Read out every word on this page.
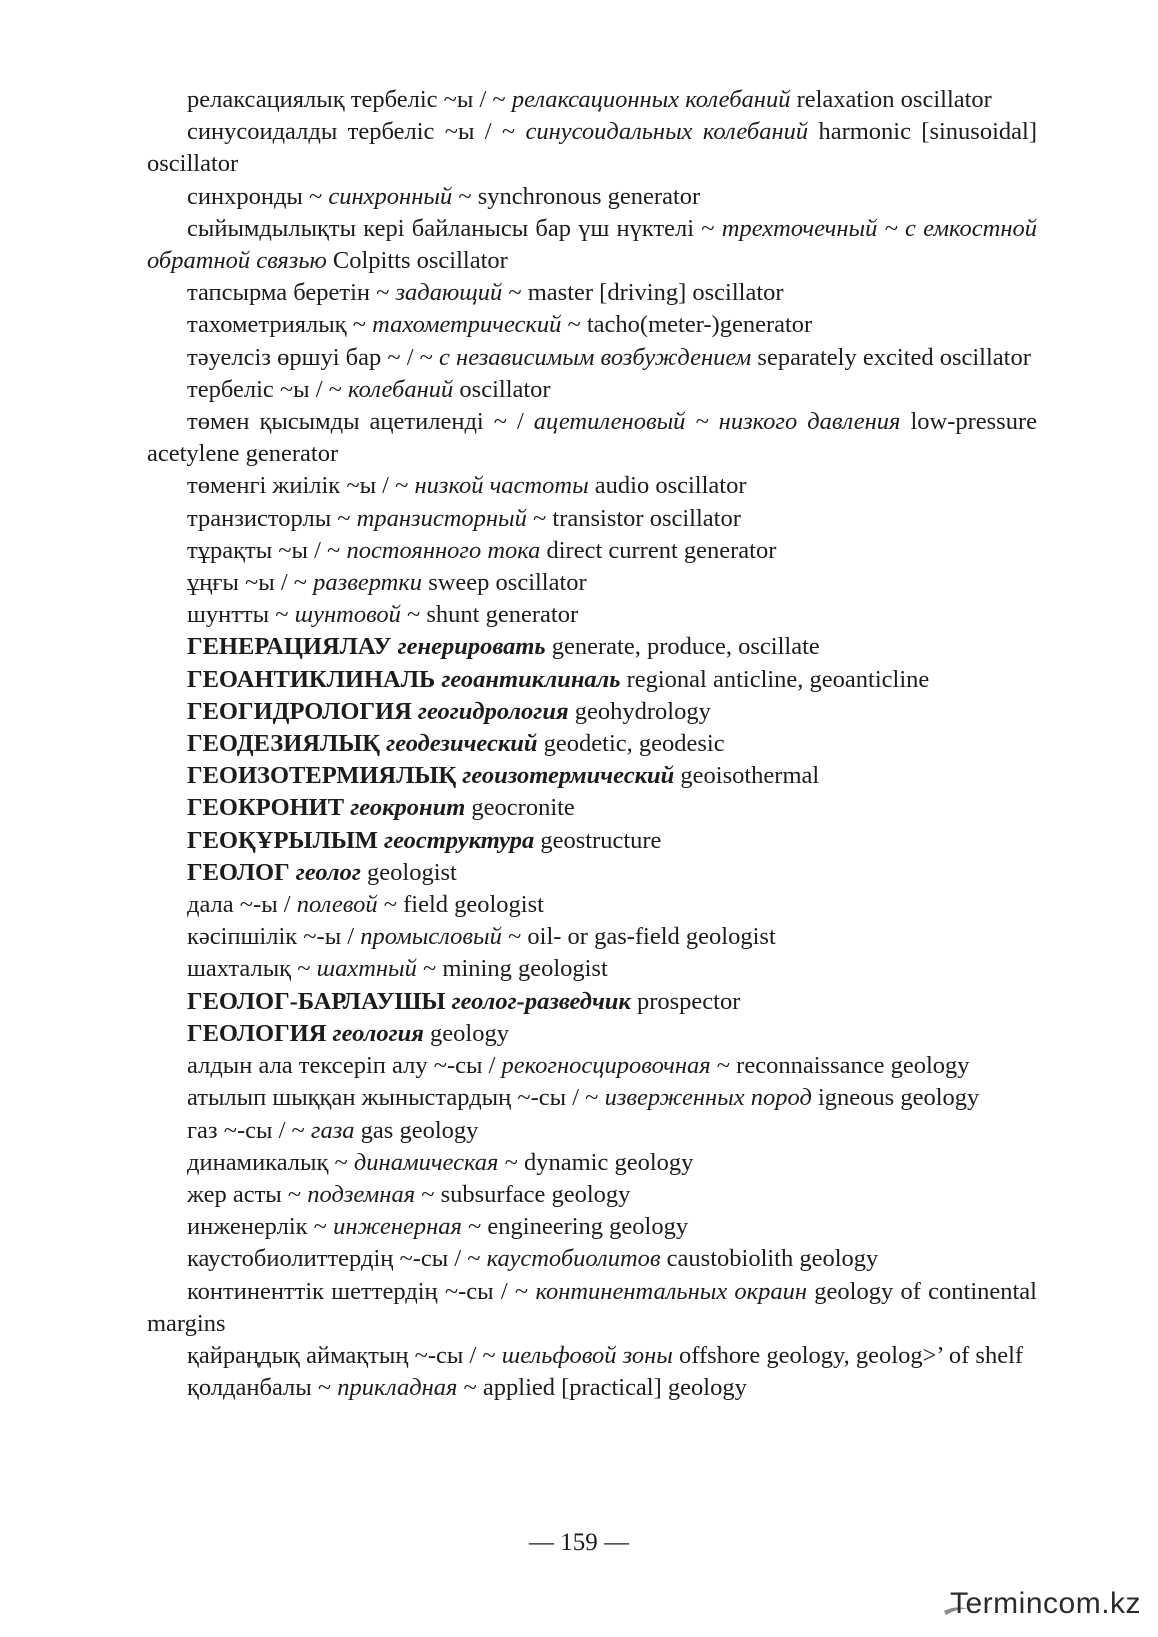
релаксациялық тербеліс ~ы / ~ релаксационных колебаний relaxation oscillator

синусоидалды тербеліс ~ы / ~ синусоидальных колебаний harmonic [sinusoidal] oscillator

синхронды ~ синхронный ~ synchronous generator

сыйымдылықты кері байланысы бар үш нүктелі ~ трехточечный ~ с емкостной обратной связью Colpitts oscillator

тапсырма беретін ~ задающий ~ master [driving] oscillator

тахометриялық ~ тахометрический ~ tacho(meter-)generator

тәуелсіз өршуі бар ~ / ~ с независимым возбуждением separately excited oscillator

тербеліс ~ы / ~ колебаний oscillator

төмен қысымды ацетиленді ~ / ацетиленовый ~ низкого давления low-pressure acetylene generator

төменгі жиілік ~ы / ~ низкой частоты audio oscillator

транзисторлы ~ транзисторный ~ transistor oscillator

тұрақты ~ы / ~ постоянного тока direct current generator

ұңғы ~ы / ~ развертки sweep oscillator

шунтты ~ шунтовой ~ shunt generator

ГЕНЕРАЦИЯЛАУ генерировать generate, produce, oscillate

ГЕОАНТИКЛИНАЛЬ геоантиклиналь regional anticline, geoanticline

ГЕОГИДРОЛОГИЯ геогидрология geohydrology

ГЕОДЕЗИЯЛЫҚ геодезический geodetic, geodesic

ГЕОИЗОТЕРМИЯЛЫҚ геоизотермический geoisothermal

ГЕОКРОНИТ геокронит geocronite

ГЕОҚҰРЫЛЫМ геоструктура geostructure

ГЕОЛОГ геолог geologist

дала ~-ы / полевой ~ field geologist

кәсіпшілік ~-ы / промысловый ~ oil- or gas-field geologist

шахталық ~ шахтный ~ mining geologist

ГЕОЛОГ-БАРЛАУШЫ геолог-разведчик prospector

ГЕОЛОГИЯ геология geology

алдын ала тексеріп алу ~-сы / рекогносцировочная ~ reconnaissance geology

атылып шыққан жыныстардың ~-сы / ~ изверженных пород igneous geology

газ ~-сы / ~ газа gas geology

динамикалық ~ динамическая ~ dynamic geology

жер асты ~ подземная ~ subsurface geology

инженерлік ~ инженерная ~ engineering geology

каустобиолиттердің ~-сы / ~ каустобиолитов caustobiolith geology

континенттік шеттердің ~-сы / ~ континентальных окраин geology of continental margins

қайраңдық аймақтың ~-сы / ~ шельфовой зоны offshore geology, geolog>’ of shelf

қолданбалы ~ прикладная ~ applied [practical] geology

— 159 —
Termincom.kz
